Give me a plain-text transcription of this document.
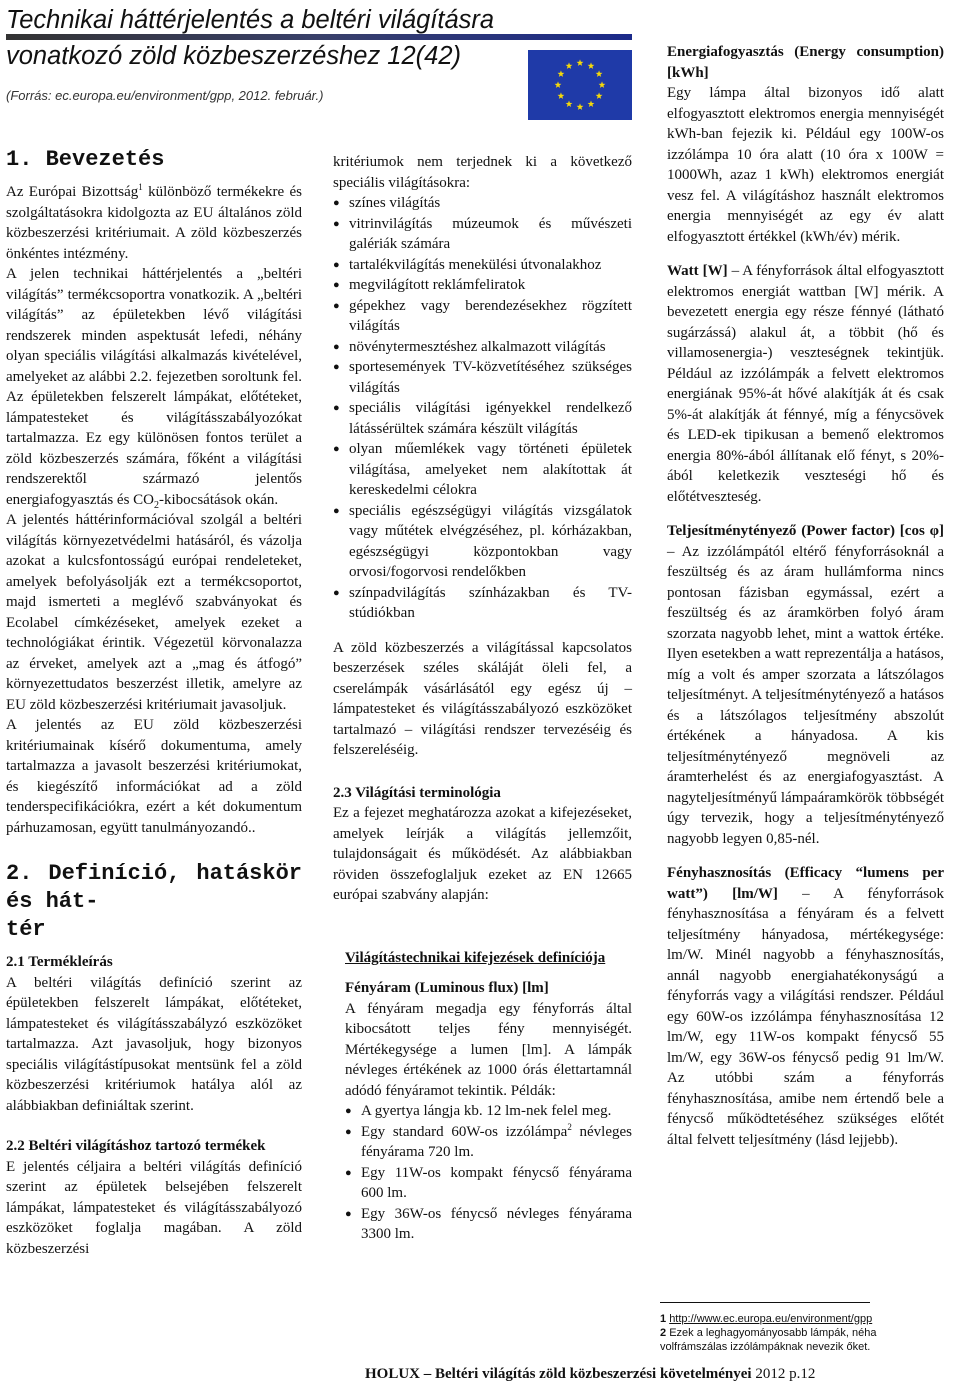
Technikai háttérjelentés a beltéri világításra
vonatkozó zöld közbeszerzéshez 12(42)
(Forrás: ec.europa.eu/environment/gpp, 2012. február.)

1. Bevezetés

Az Európai Bizottság$^1$ különböző termékekre és szolgáltatásokra kidolgozta az EU általános zöld közbeszerzési kritériumait. A zöld közbeszerzés önkéntes intézmény.

A jelen technikai háttérjelentés a „beltéri világítás” termékcsoportra vonatkozik. A „beltéri világítás” az épületekben lévő világítási rendszerek minden aspektusát lefedi, néhány olyan speciális világítási alkalmazás kivételével, amelyeket az alábbi 2.2. fejezetben soroltunk fel. Az épületekben felszerelt lámpákat, előtéteket, lámpatesteket és világításszabályozókat tartalmazza. Ez egy különösen fontos terület a zöld közbeszerzés számára, főként a világítási rendszerektől származó jelentős energiafogyasztás és $CO_2$-kibocsátások okán.

A jelentés háttérinformációval szolgál a beltéri világítás környezetvédelmi hatásáról, és vázolja azokat a kulcsfontosságú európai rendeleteket, amelyek befolyásolják ezt a termékcsoportot, majd ismerteti a meglévő szabványokat és Ecolabel címkézéseket, amelyek ezeket a technológiákat érintik. Végezetül körvonalazza az érveket, amelyek azt a „mag és átfogó” környezettudatos beszerzést illetik, amelyre az EU zöld közbeszerzési kritériumait javasoljuk.

A jelentés az EU zöld közbeszerzési kritériumainak kísérő dokumentuma, amely tartalmazza a javasolt beszerzési kritériumokat, és kiegészítő információkat ad a zöld tenderspecifikációkra, ezért a két dokumentum párhuzamosan, együtt tanulmányozandó..

2. Definíció, hatáskör és hát-
tér

2.1 Termékleírás

A beltéri világítás definíció szerint az épületekben felszerelt lámpákat, előtéteket, lámpatesteket és világításszabályzó eszközöket tartalmazza. Azt javasoljuk, hogy bizonyos speciális világítástípusokat mentsünk fel a zöld közbeszerzési kritériumok hatálya alól az alábbiakban definiáltak szerint.

2.2 Beltéri világításhoz tartozó termékek

E jelentés céljaira a beltéri világítás definíció szerint az épületek belsejében felszerelt lámpákat, lámpatesteket és világításszabályozó eszközöket foglalja magában. A zöld közbeszerzési

kritériumok nem terjednek ki a következő speciális világításokra:

● színes világítás
● vitrinvilágítás múzeumok és művészeti galériák számára
● tartalékvilágítás menekülési útvonalakhoz
● megvilágított reklámfeliratok
● gépekhez vagy berendezésekhez rögzített világítás
● növénytermesztéshez alkalmazott világítás
● sportesemények TV-közvetítéséhez szükséges világítás
● speciális világítási igényekkel rendelkező látássérültek számára készült világítás
● olyan műemlékek vagy történeti épületek világítása, amelyeket nem alakítottak át kereskedelmi célokra
● speciális egészségügyi világítás vizsgálatok vagy műtétek elvégzéséhez, pl. kórházakban, egészségügyi központokban vagy orvosi/fogorvosi rendelőkben
● színpadvilágítás színházakban és TV-stúdiókban

A zöld közbeszerzés a világítással kapcsolatos beszerzések széles skáláját öleli fel, a cserelámpák vásárlásától egy egész új – lámpatesteket és világításszabályozó eszközöket tartalmazó – világítási rendszer tervezéséig és felszereléséig.

2.3 Világítási terminológia

Ez a fejezet meghatározza azokat a kifejezéseket, amelyek leírják a világítás jellemzőit, tulajdonságait és működését. Az alábbiakban röviden összefoglaljuk ezeket az EN 12665 európai szabvány alapján:

Világítástechnikai kifejezések definíciója

Fényáram (Luminous flux) [lm]

A fényáram megadja egy fényforrás által kibocsátott teljes fény mennyiségét. Mértékegysége a lumen [lm]. A lámpák névleges értékének az 1000 órás élettartamnál adódó fényáramot tekintik. Példák:

● A gyertya lángja kb. 12 lm-nek felel meg.
● Egy standard 60W-os izzólámpa$^2$ névleges fényárama 720 lm.
● Egy 11W-os kompakt fénycső fényárama 600 lm.
● Egy 36W-os fénycső névleges fényárama 3300 lm.

Energiafogyasztás (Energy consumption) [kWh]

Egy lámpa által bizonyos idő alatt elfogyasztott elektromos energia mennyiségét kWh-ban fejezik ki. Például egy 100W-os izzólámpa 10 óra alatt (10 óra x 100W = 1000Wh, azaz 1 kWh) elektromos energiát vesz fel. A világításhoz használt elektromos energia mennyiségét az egy év alatt elfogyasztott értékkel (kWh/év) mérik.

Watt [W] – A fényforrások által elfogyasztott elektromos energiát wattban [W] mérik. A bevezetett energia egy része fénnyé (látható sugárzássá) alakul át, a többit (hő és villamosenergia-) veszteségnek tekintjük. Például az izzólámpák a felvett elektromos energiának 95%-át hővé alakítják át és csak 5%-át alakítják át fénnyé, míg a fénycsövek és LED-ek tipikusan a bemenő elektromos energia 80%-ából állítanak elő fényt, s 20%-ából keletkezik veszteségi hő és előtétveszteség.

Teljesítménytényező (Power factor) [cos φ] – Az izzólámpától eltérő fényforrásoknál a feszültség és az áram hullámforma nincs pontosan fázisban egymással, ezért a feszültség és az áramkörben folyó áram szorzata nagyobb lehet, mint a wattok értéke. Ilyen esetekben a watt reprezentálja a hatásos, míg a volt és amper szorzata a látszólagos teljesítményt. A teljesítménytényező a hatásos és a látszólagos teljesítmény abszolút értékének a hányadosa. A kis teljesítménytényező megnöveli az áramterhelést és az energiafogyasztást. A nagyteljesítményű lámpaáramkörök többségét úgy tervezik, hogy a teljesítménytényező nagyobb legyen 0,85-nél.

Fényhasznosítás (Efficacy “lumens per watt”) [lm/W] – A fényforrások fényhasznosítása a fényáram és a felvett teljesítmény hányadosa, mértékegysége: lm/W. Minél nagyobb a fényhasznosítás, annál nagyobb energiahatékonyságú a fényforrás vagy a világítási rendszer. Például egy 60W-os izzólámpa fényhasznosítása 12 lm/W, egy 11W-os kompakt fénycső 55 lm/W, egy 36W-os fénycső pedig 91 lm/W. Az utóbbi szám a fényforrás fényhasznosítása, amibe nem értendő bele a fénycső működtetéséhez szükséges előtét által felvett teljesítmény (lásd lejjebb).

1 http://www.ec.europa.eu/environment/gpp
2 Ezek a leghagyományosabb lámpák, néha volfrámszálas izzólámpáknak nevezik őket.
HOLUX – Beltéri világítás zöld közbeszerzési követelményei 2012 p.12
